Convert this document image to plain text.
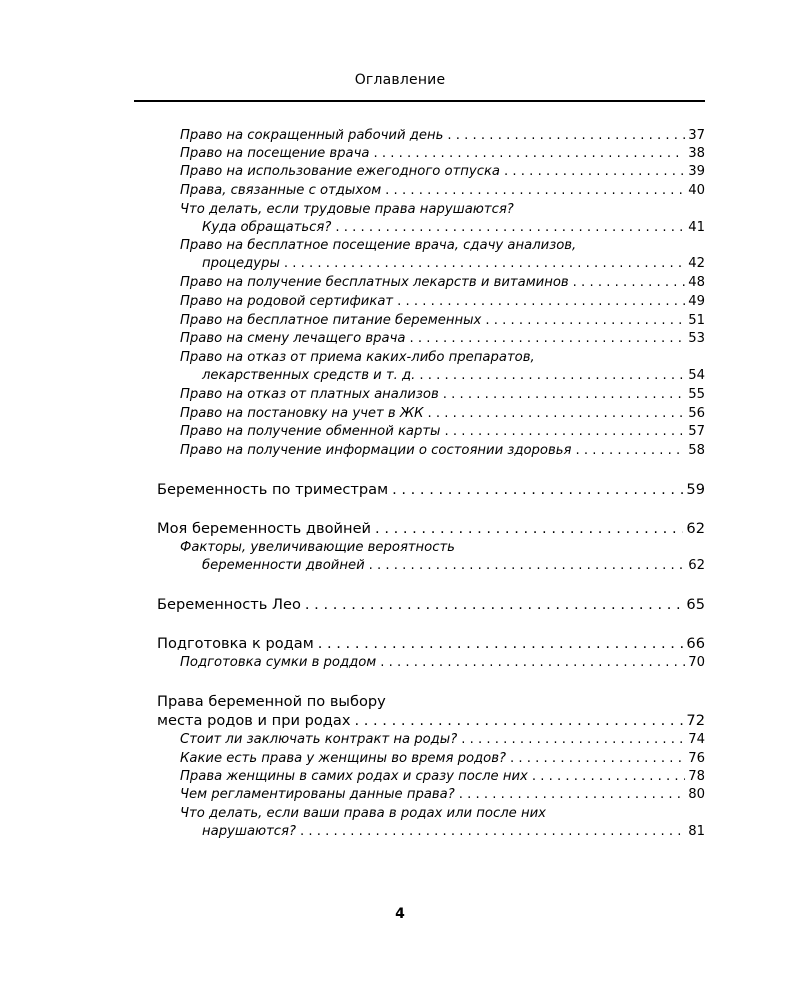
Оглавление
Право на сокращенный рабочий день . . .	37
Право на посещение врача . . .	38
Право на использование ежегодного отпуска . . .	39
Права, связанные с отдыхом . . .	40
Что делать, если трудовые права нарушаются?
Куда обращаться? . . .	41
Право на бесплатное посещение врача, сдачу анализов,
процедуры . . .	42
Право на получение бесплатных лекарств и витаминов . . .	48
Право на родовой сертификат . . .	49
Право на бесплатное питание беременных . . .	51
Право на смену лечащего врача . . .	53
Право на отказ от приема каких-либо препаратов,
лекарственных средств и т. д. . . .	54
Право на отказ от платных анализов . . .	55
Право на постановку на учет в ЖК . . .	56
Право на получение обменной карты . . .	57
Право на получение информации о состоянии здоровья . . .	58
Беременность по триместрам . . .	59
Моя беременность двойней . . .	62
Факторы, увеличивающие вероятность
беременности двойней . . .	62
Беременность Лео . . .	65
Подготовка к родам . . .	66
Подготовка сумки в роддом . . .	70
Права беременной по выбору
места родов и при родах . . .	72
Стоит ли заключать контракт на роды? . . .	74
Какие есть права у женщины во время родов? . . .	76
Права женщины в самих родах и сразу после них . . .	78
Чем регламентированы данные права? . . .	80
Что делать, если ваши права в родах или после них
нарушаются? . . .	81
4
